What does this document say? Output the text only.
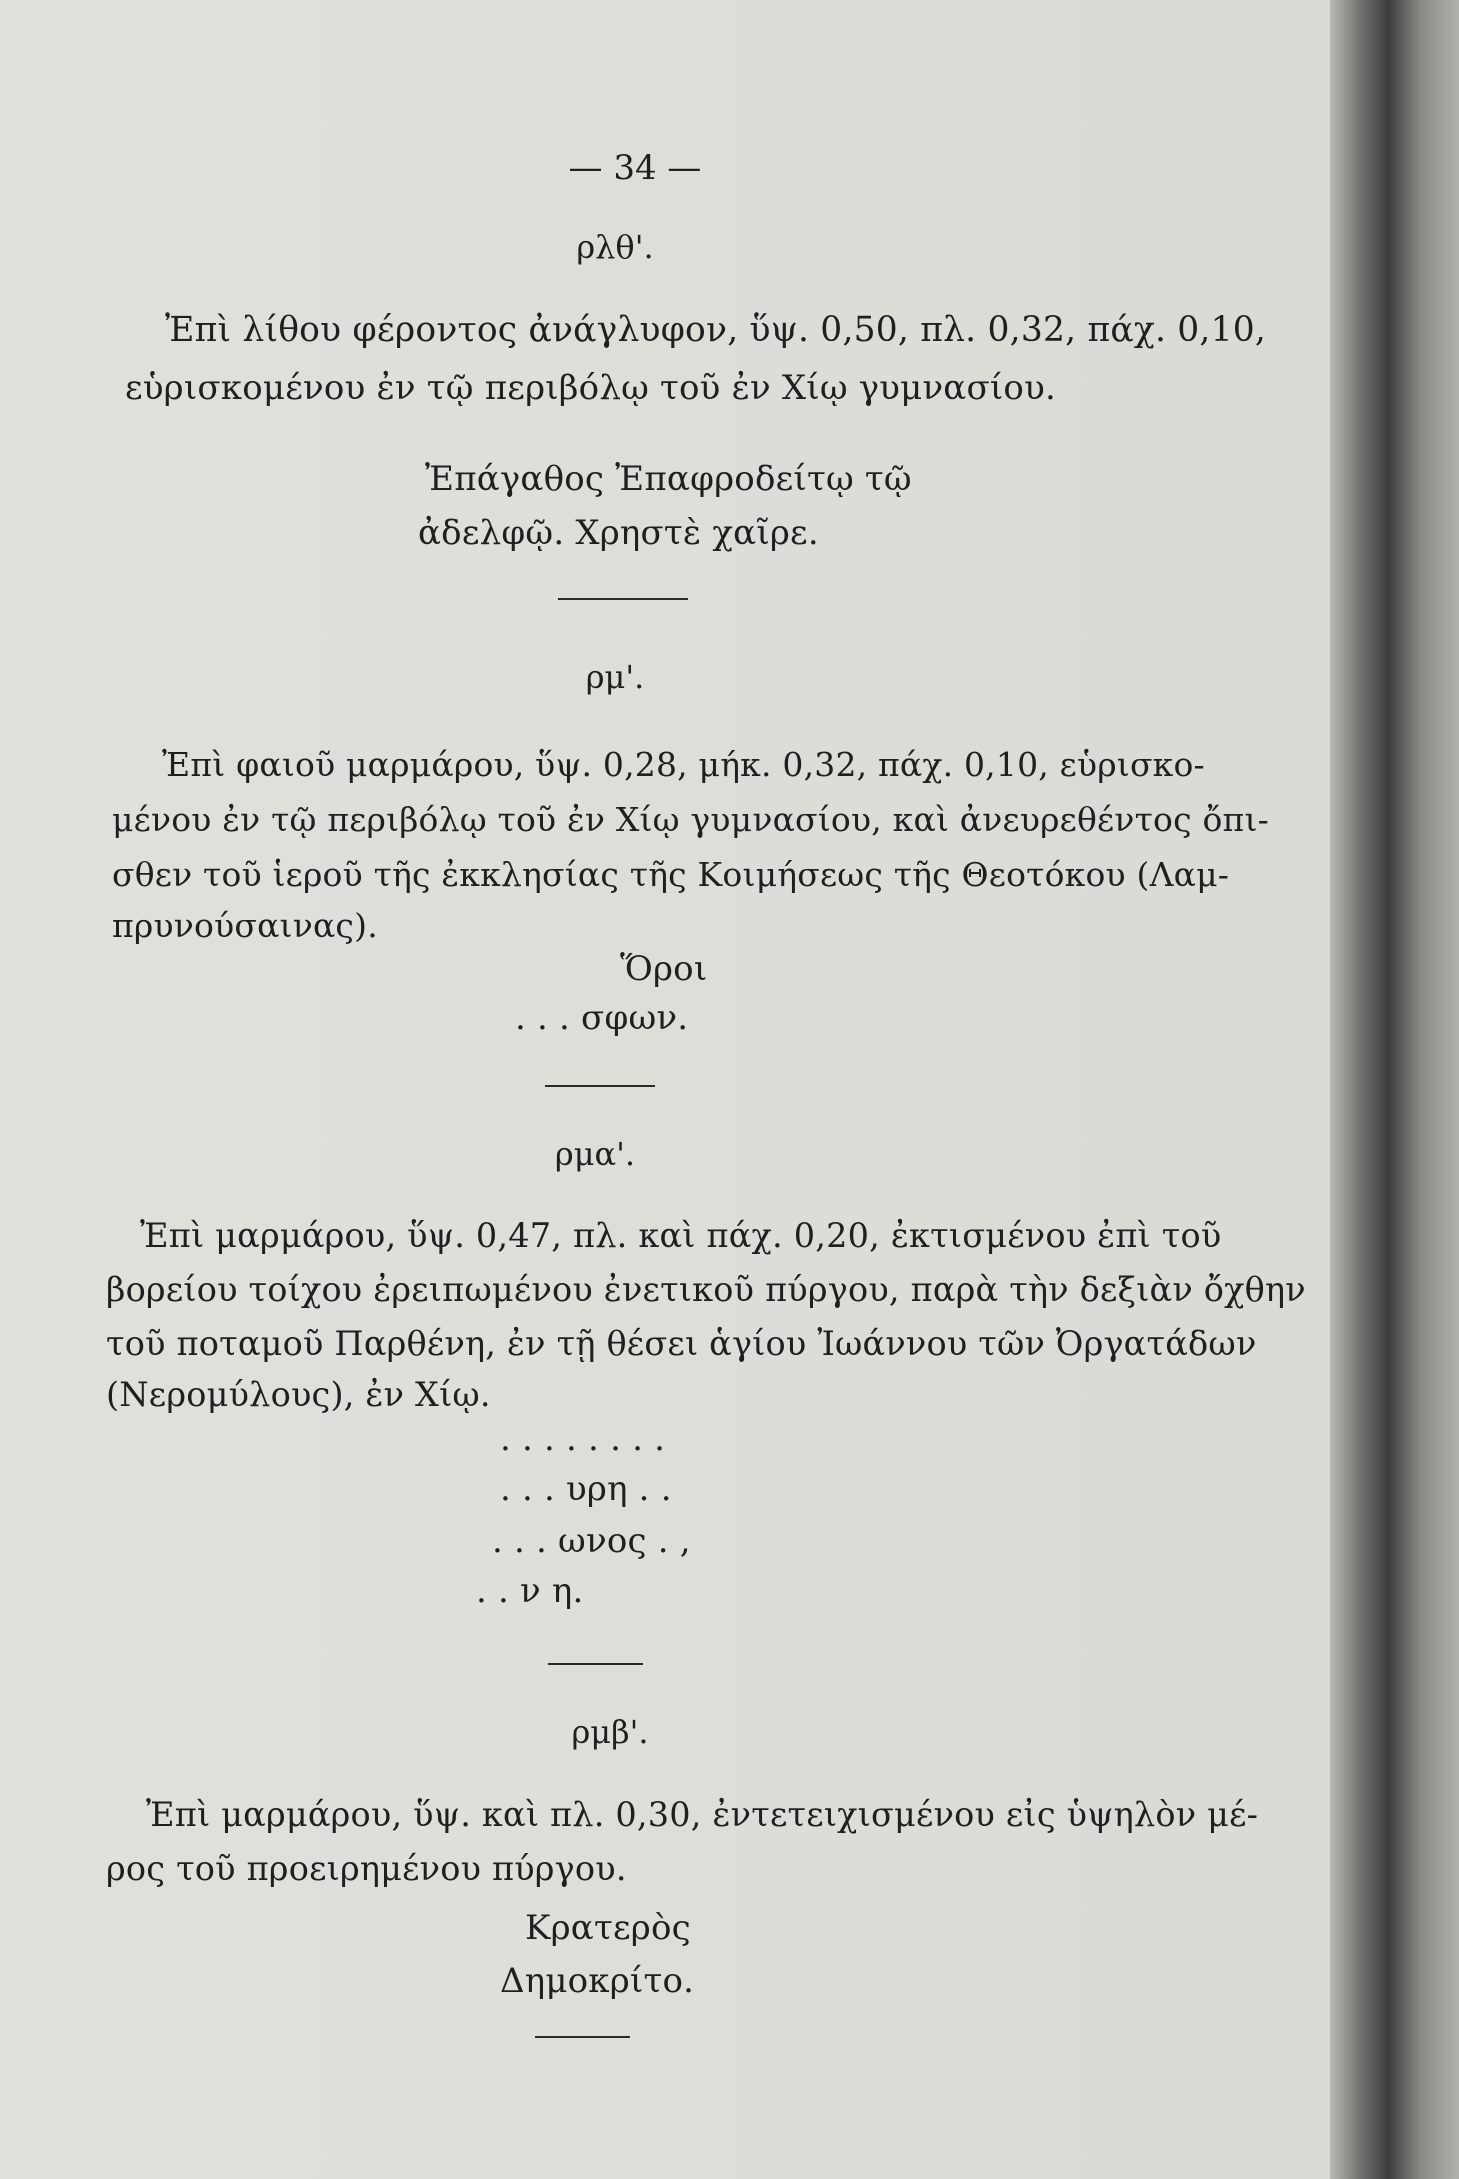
— 34 —

ρλθ'.

Ἐπὶ λίθου φέροντος ἀνάγλυφον, ὕψ. 0,50, πλ. 0,32, πάχ. 0,10,

εὑρισκομένου ἐν τῷ περιβόλῳ τοῦ ἐν Χίῳ γυμνασίου.

Ἐπάγαθος Ἐπαφροδείτῳ τῷ

ἀδελφῷ. Χρηστὲ χαῖρε.

ρμ'.

Ἐπὶ φαιοῦ μαρμάρου, ὕψ. 0,28, μήκ. 0,32, πάχ. 0,10, εὑρισκο-

μένου ἐν τῷ περιβόλῳ τοῦ ἐν Χίῳ γυμνασίου, καὶ ἀνευρεθέντος ὄπι-

σθεν τοῦ ἱεροῦ τῆς ἐκκλησίας τῆς Κοιμήσεως τῆς Θεοτόκου (Λαμ-

πρυνούσαινας).

Ὅροι

. . . σφων.

ρμα'.

Ἐπὶ μαρμάρου, ὕψ. 0,47, πλ. καὶ πάχ. 0,20, ἐκτισμένου ἐπὶ τοῦ

βορείου τοίχου ἐρειπωμένου ἐνετικοῦ πύργου, παρὰ τὴν δεξιὰν ὄχθην

τοῦ ποταμοῦ Παρθένη, ἐν τῇ θέσει ἁγίου Ἰωάννου τῶν Ὀργατάδων

(Νερομύλους), ἐν Χίῳ.

. . . . . . . .

. . . υρη . .

. . . ωνος . ,

. . ν η.

ρμβ'.

Ἐπὶ μαρμάρου, ὕψ. καὶ πλ. 0,30, ἐντετειχισμένου εἰς ὑψηλὸν μέ-

ρος τοῦ προειρημένου πύργου.

Κρατερὸς

Δημοκρίτο.
